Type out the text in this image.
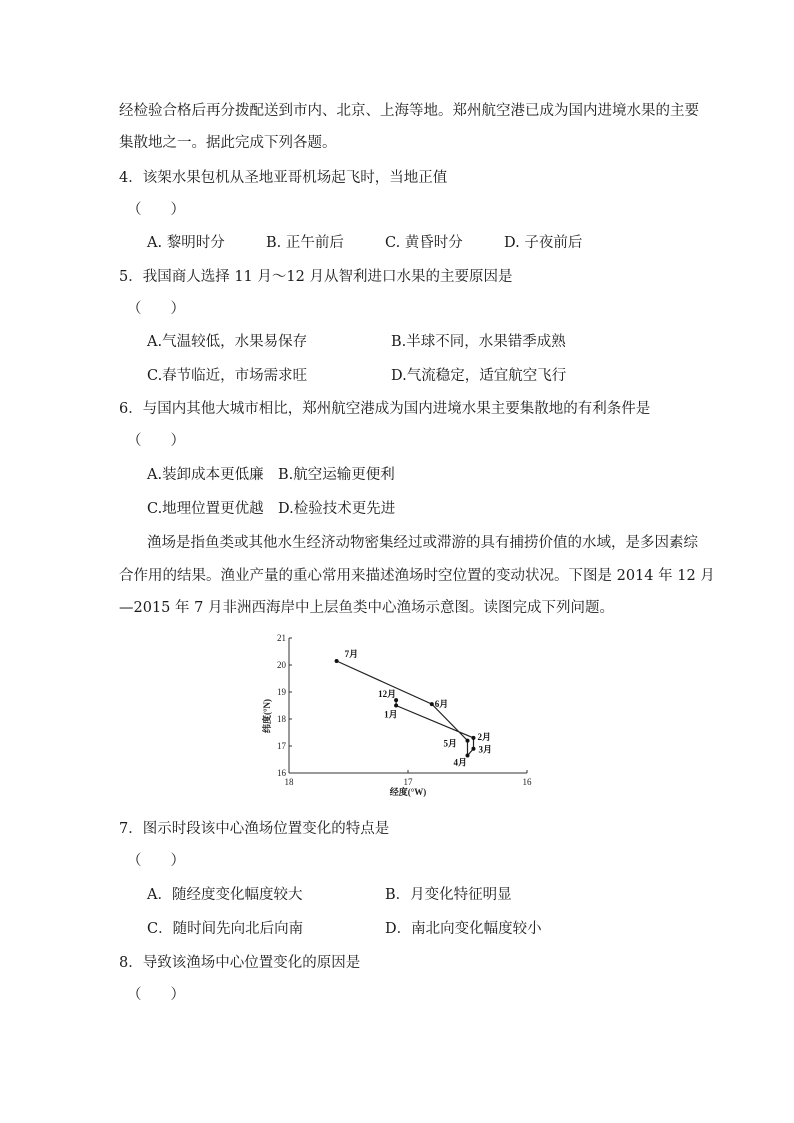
经检验合格后再分拨配送到市内、北京、上海等地。郑州航空港已成为国内进境水果的主要
集散地之一。据此完成下列各题。
4．该架水果包机从圣地亚哥机场起飞时，当地正值
（　　）
A. 黎明时分	B. 正午前后	C. 黄昏时分	D. 子夜前后
5．我国商人选择 11 月～12 月从智利进口水果的主要原因是
（　　）
A.气温较低，水果易保存	B.半球不同，水果错季成熟
C.春节临近，市场需求旺	D.气流稳定，适宜航空飞行
6．与国内其他大城市相比，郑州航空港成为国内进境水果主要集散地的有利条件是
（　　）
A.装卸成本更低廉 B.航空运输更便利
C.地理位置更优越 D.检验技术更先进
渔场是指鱼类或其他水生经济动物密集经过或滞游的具有捕捞价值的水域，是多因素综
合作用的结果。渔业产量的重心常用来描述渔场时空位置的变动状况。下图是 2014 年 12 月
—2015 年 7 月非洲西海岸中上层鱼类中心渔场示意图。读图完成下列问题。
16
17
18
19
20
21
18	17	16
12月
1月
2月
3月
4月
5月
6月
7月
纬度(°N)
经度(°W)
7．图示时段该中心渔场位置变化的特点是
（　　）
A．随经度变化幅度较大	B．月变化特征明显
C．随时间先向北后向南	D．南北向变化幅度较小
8．导致该渔场中心位置变化的原因是
（　　）
